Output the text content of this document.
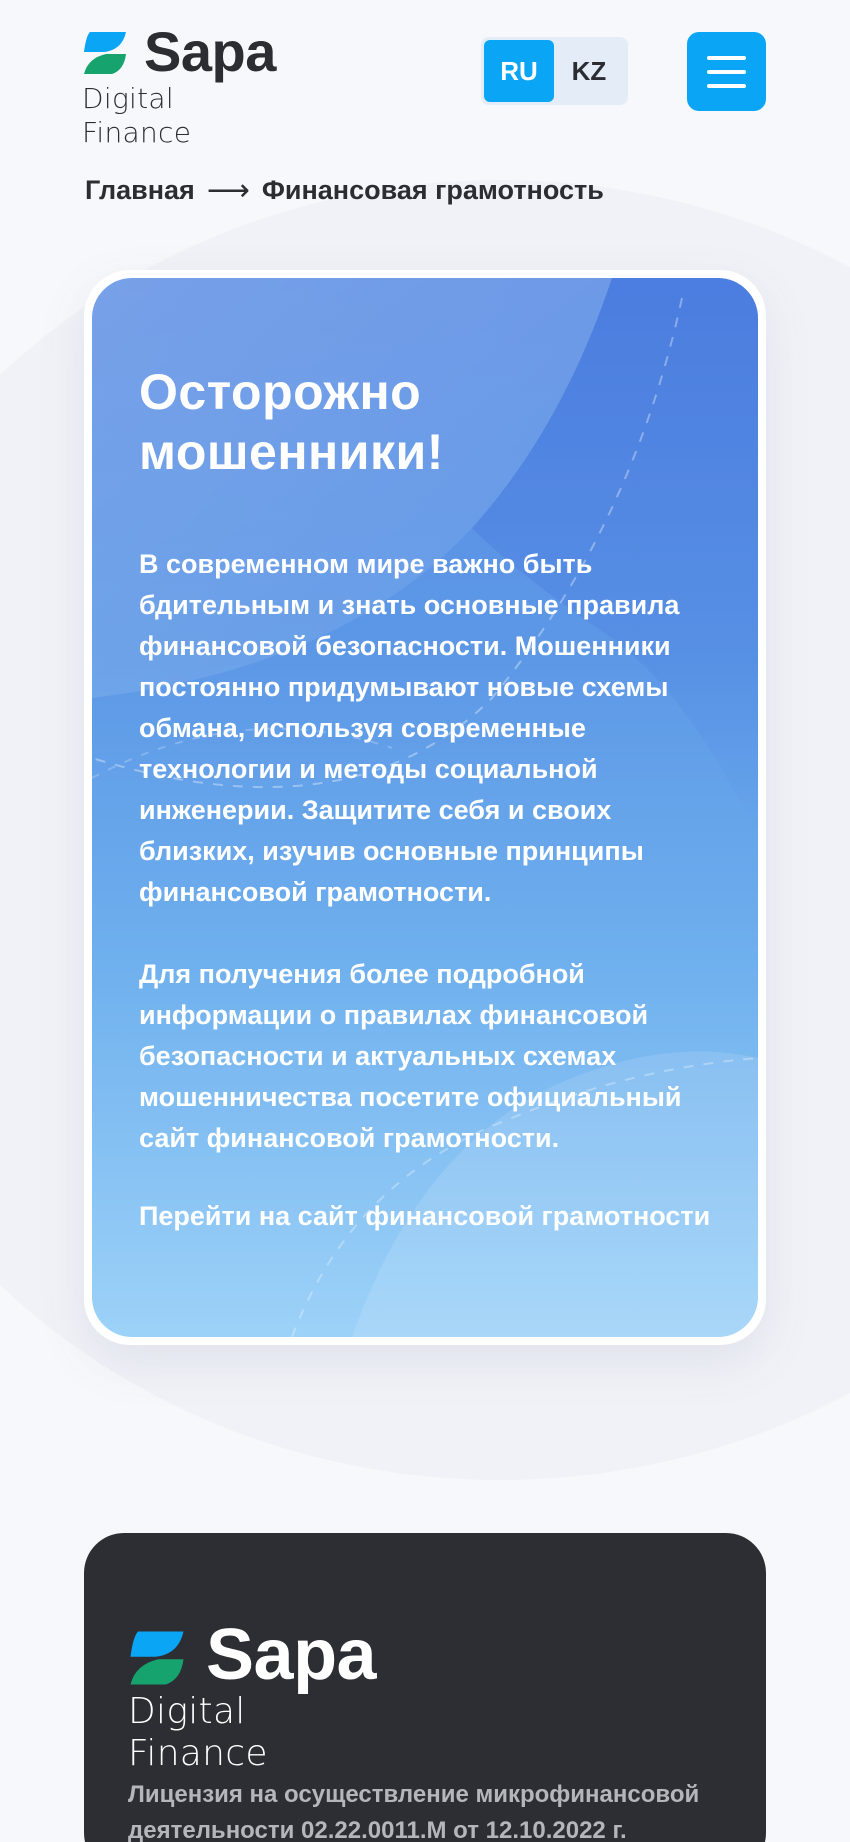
Sapa
Digital Finance
RU	KZ
Главная ⟶ Финансовая грамотность
Осторожно мошенники!

В современном мире важно быть бдительным и знать основные правила финансовой безопасности. Мошенники постоянно придумывают новые схемы обмана, используя современные технологии и методы социальной инженерии. Защитите себя и своих близких, изучив основные принципы финансовой грамотности.

Для получения более подробной информации о правилах финансовой безопасности и актуальных схемах мошенничества посетите официальный сайт финансовой грамотности.

Перейти на сайт финансовой грамотности
Sapa
Digital Finance
Лицензия на осуществление микрофинансовой деятельности 02.22.0011.М от 12.10.2022 г.
